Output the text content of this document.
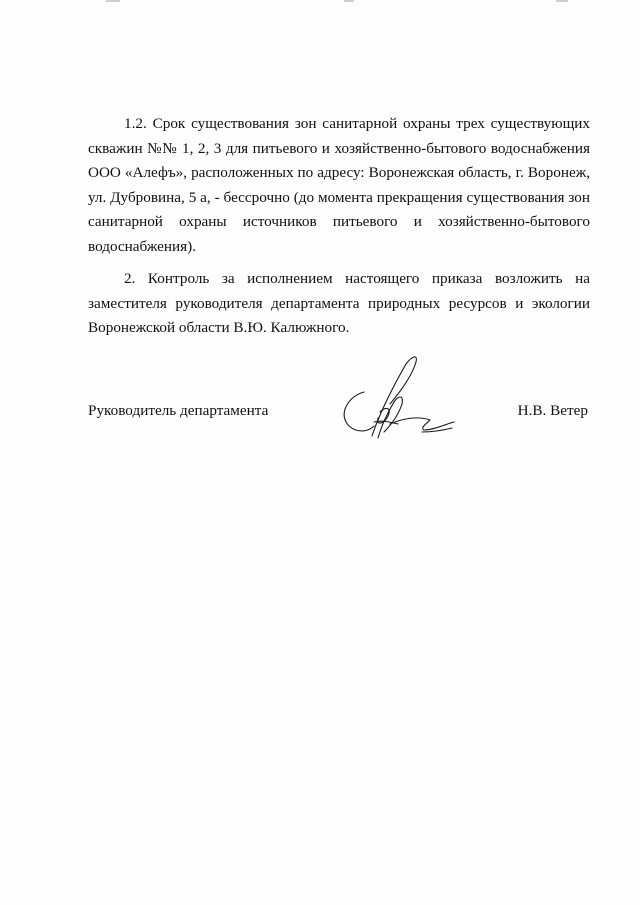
1.2. Срок существования зон санитарной охраны трех существующих
скважин №№ 1, 2, 3 для питьевого и хозяйственно-бытового водоснабжения
ООО «Алефъ», расположенных по адресу: Воронежская область, г. Воронеж,
ул. Дубровина, 5 а, - бессрочно (до момента прекращения существования зон
санитарной охраны источников питьевого и хозяйственно-бытового
водоснабжения).

2. Контроль за исполнением настоящего приказа возложить на
заместителя руководителя департамента природных ресурсов и экологии
Воронежской области В.Ю. Калюжного.

Руководитель департамента	Н.В. Ветер
